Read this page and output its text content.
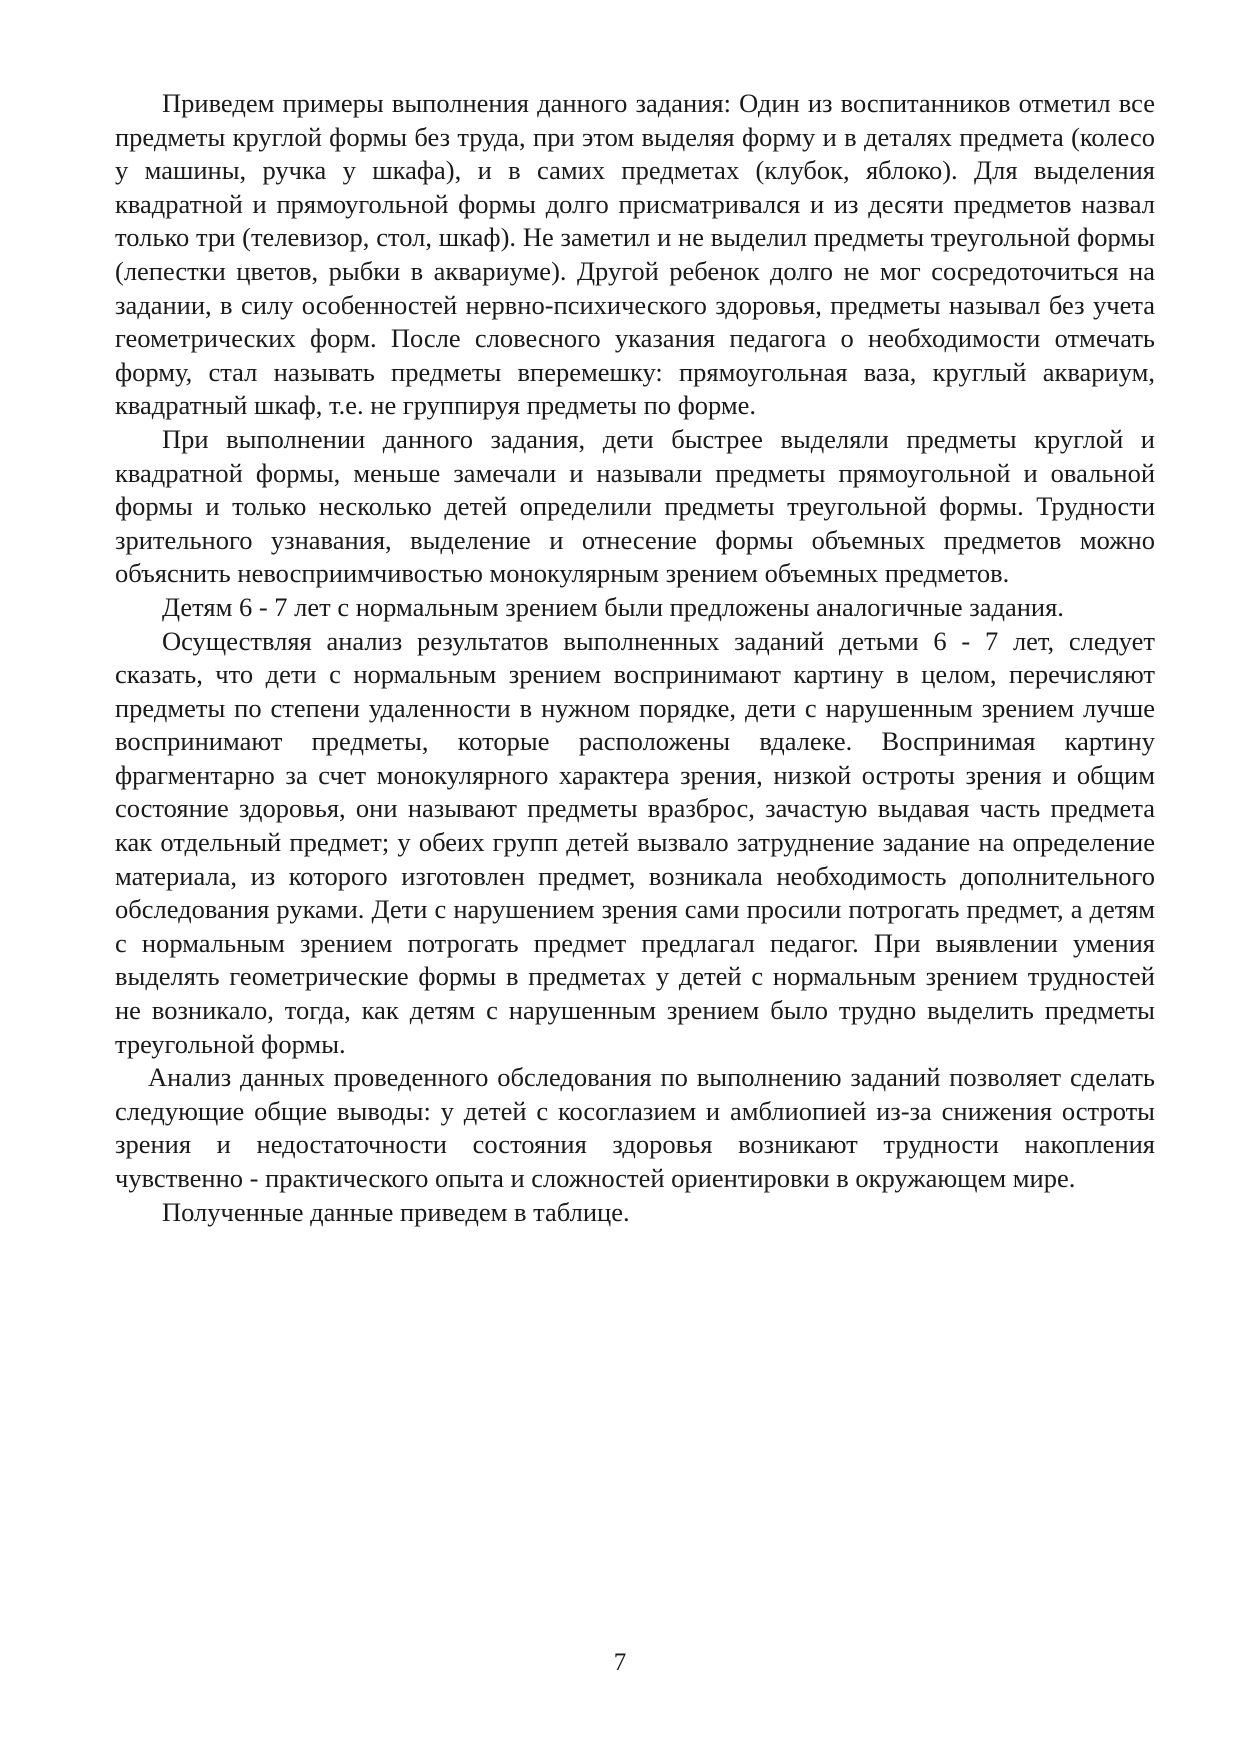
Приведем примеры выполнения данного задания: Один из воспитанников отметил все предметы круглой формы без труда, при этом выделяя форму и в деталях предмета (колесо у машины, ручка у шкафа), и в самих предметах (клубок, яблоко). Для выделения квадратной и прямоугольной формы долго присматривался и из десяти предметов назвал только три (телевизор, стол, шкаф). Не заметил и не выделил предметы треугольной формы (лепестки цветов, рыбки в аквариуме). Другой ребенок долго не мог сосредоточиться на задании, в силу особенностей нервно-психического здоровья, предметы называл без учета геометрических форм. После словесного указания педагога о необходимости отмечать форму, стал называть предметы вперемешку: прямоугольная ваза, круглый аквариум, квадратный шкаф, т.е. не группируя предметы по форме.

При выполнении данного задания, дети быстрее выделяли предметы круглой и квадратной формы, меньше замечали и называли предметы прямоугольной и овальной формы и только несколько детей определили предметы треугольной формы. Трудности зрительного узнавания, выделение и отнесение формы объемных предметов можно объяснить невосприимчивостью монокулярным зрением объемных предметов.

Детям 6 - 7 лет с нормальным зрением были предложены аналогичные задания.

Осуществляя анализ результатов выполненных заданий детьми 6 - 7 лет, следует сказать, что дети с нормальным зрением воспринимают картину в целом, перечисляют предметы по степени удаленности в нужном порядке, дети с нарушенным зрением лучше воспринимают предметы, которые расположены вдалеке. Воспринимая картину фрагментарно за счет монокулярного характера зрения, низкой остроты зрения и общим состояние здоровья, они называют предметы вразброс, зачастую выдавая часть предмета как отдельный предмет; у обеих групп детей вызвало затруднение задание на определение материала, из которого изготовлен предмет, возникала необходимость дополнительного обследования руками. Дети с нарушением зрения сами просили потрогать предмет, а детям с нормальным зрением потрогать предмет предлагал педагог. При выявлении умения выделять геометрические формы в предметах у детей с нормальным зрением трудностей не возникало, тогда, как детям с нарушенным зрением было трудно выделить предметы треугольной формы.

Анализ данных проведенного обследования по выполнению заданий позволяет сделать следующие общие выводы: у детей с косоглазием и амблиопией из-за снижения остроты зрения и недостаточности состояния здоровья возникают трудности накопления чувственно - практического опыта и сложностей ориентировки в окружающем мире.

Полученные данные приведем в таблице.

7
